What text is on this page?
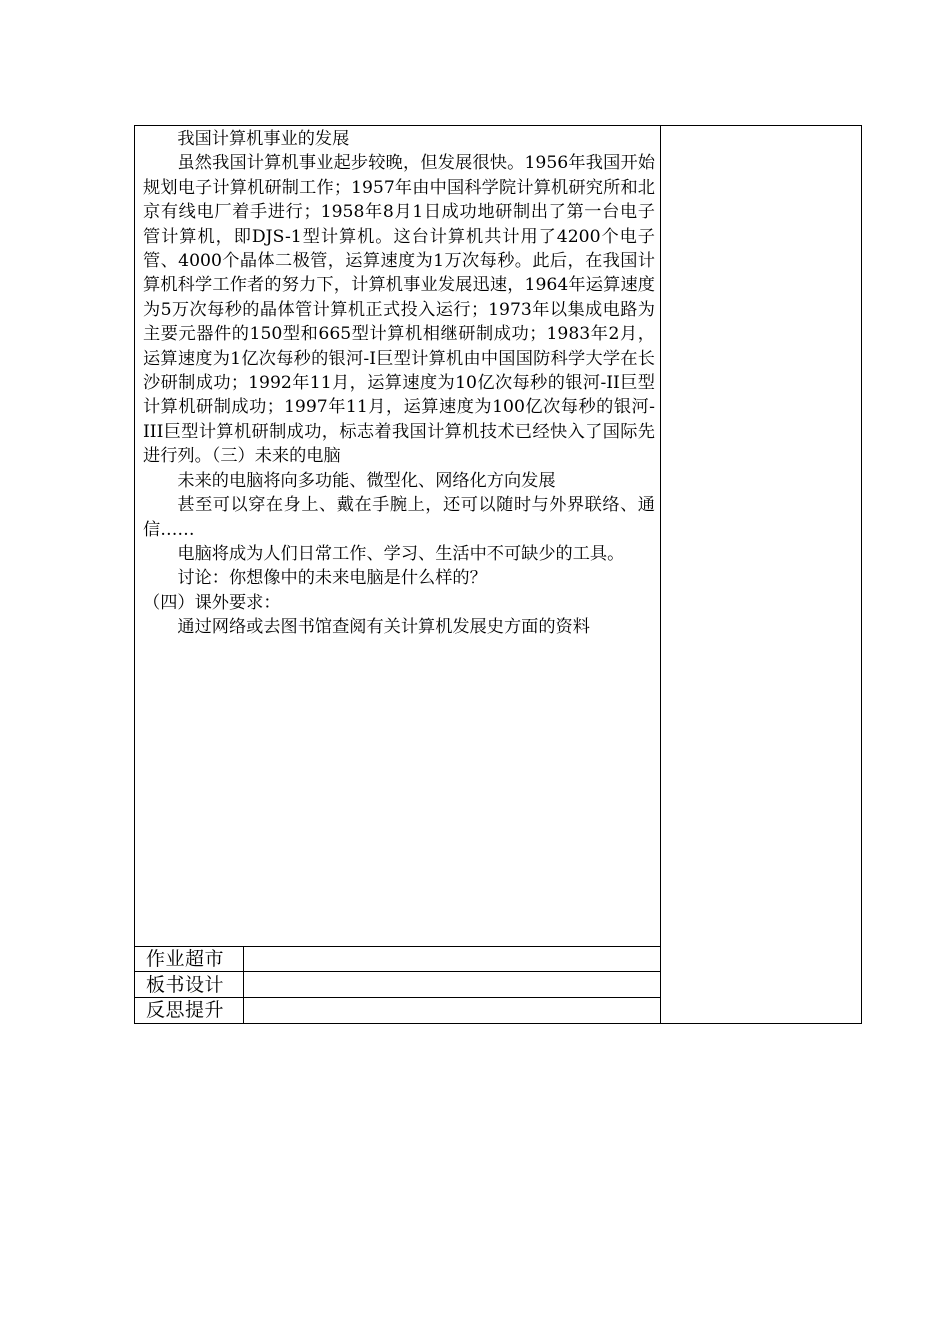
我国计算机事业的发展

虽然我国计算机事业起步较晚，但发展很快。1956年我国开始规划电子计算机研制工作；1957年由中国科学院计算机研究所和北京有线电厂着手进行；1958年8月1日成功地研制出了第一台电子管计算机，即DJS-1型计算机。这台计算机共计用了4200个电子管、4000个晶体二极管，运算速度为1万次每秒。此后，在我国计算机科学工作者的努力下，计算机事业发展迅速，1964年运算速度为5万次每秒的晶体管计算机正式投入运行；1973年以集成电路为主要元器件的150型和665型计算机相继研制成功；1983年2月，运算速度为1亿次每秒的银河-I巨型计算机由中国国防科学大学在长沙研制成功；1992年11月，运算速度为10亿次每秒的银河-II巨型计算机研制成功；1997年11月，运算速度为100亿次每秒的银河-III巨型计算机研制成功，标志着我国计算机技术已经快入了国际先进行列。（三）未来的电脑

未来的电脑将向多功能、微型化、网络化方向发展

甚至可以穿在身上、戴在手腕上，还可以随时与外界联络、通信……

电脑将成为人们日常工作、学习、生活中不可缺少的工具。

讨论：你想像中的未来电脑是什么样的？

（四）课外要求：

通过网络或去图书馆查阅有关计算机发展史方面的资料

作业超市
板书设计
反思提升
